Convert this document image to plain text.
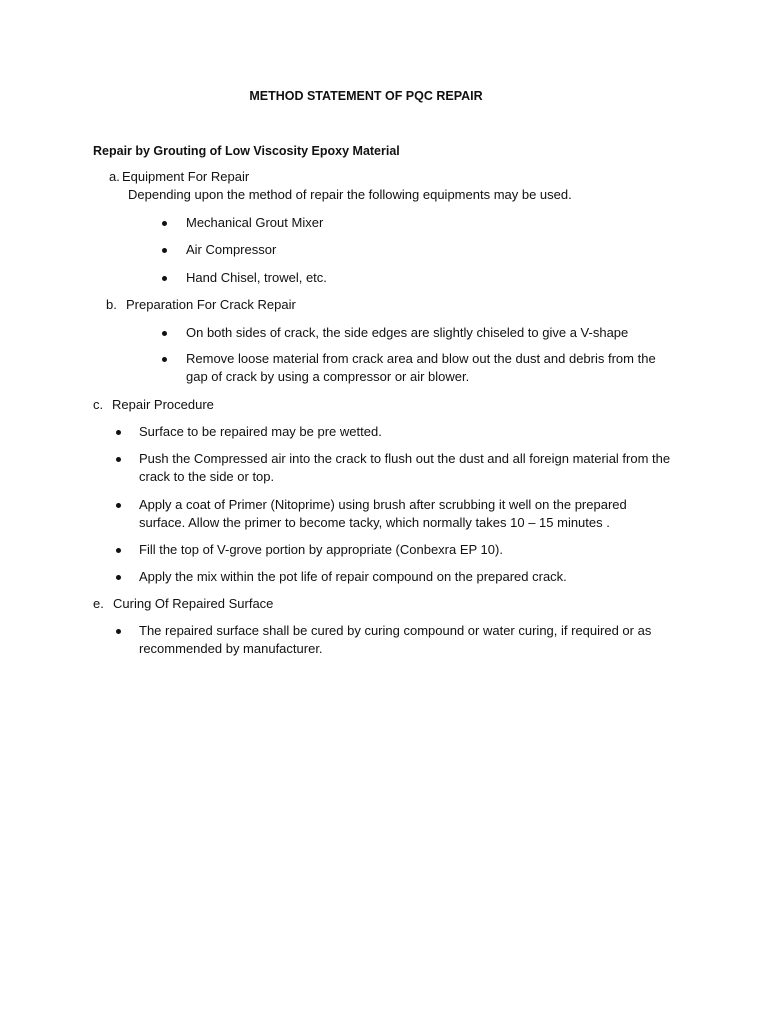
METHOD STATEMENT OF PQC REPAIR
Repair by Grouting of Low Viscosity Epoxy Material
a. Equipment For Repair
Depending upon the method of repair the following equipments may be used.
Mechanical Grout Mixer
Air Compressor
Hand Chisel, trowel, etc.
b. Preparation For Crack Repair
On both sides of crack, the side edges are slightly chiseled to give a V-shape
Remove loose material from crack area and blow out the dust and debris from the gap of crack by using a compressor or air blower.
c. Repair Procedure
Surface to be repaired may be pre wetted.
Push the Compressed air into the crack to flush out the dust and all foreign material from the crack to the side or top.
Apply a coat of Primer (Nitoprime) using brush after scrubbing it well on the prepared surface. Allow the primer to become tacky, which normally takes 10 – 15 minutes .
Fill the top of V-grove portion by appropriate (Conbexra EP 10).
Apply the mix within the pot life of repair compound on the prepared crack.
e. Curing Of Repaired Surface
The repaired surface shall be cured by curing compound or water curing, if required or as recommended by manufacturer.
